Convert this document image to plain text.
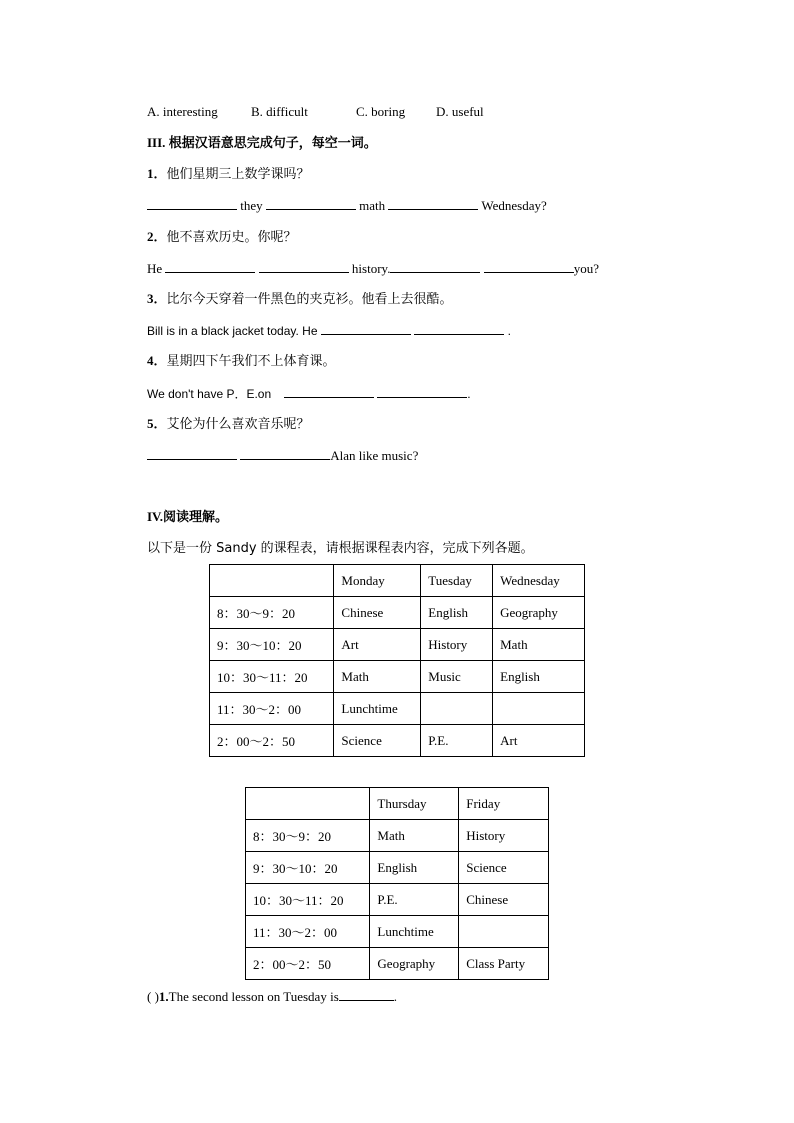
A. interesting	B. difficult	C. boring D. useful
III. 根据汉语意思完成句子，每空一词。
1．他们星期三上数学课吗？
they	math	Wednesday?
2．他不喜欢历史。你呢？
He	history.	you?
3．比尔今天穿着一件黑色的夹克衫。他看上去很酷。
Bill is in a black jacket today. He	.
4．星期四下午我们不上体育课。
We don't have P．E.on	.
5．艾伦为什么喜欢音乐呢？
Alan like music?
IV.阅读理解。
以下是一份 Sandy 的课程表，请根据课程表内容，完成下列各题。
	Monday	Tuesday	Wednesday
8：30～9：20	Chinese	English	Geography
9：30～10：20	Art	History	Math
10：30～11：20	Math	Music	English
11：30～2：00	Lunchtime		
2：00～2：50	Science	P.E.	Art
	Thursday	Friday
8：30～9：20	Math	History
9：30～10：20	English	Science
10：30～11：20	P.E.	Chinese
11：30～2：00	Lunchtime	
2：00～2：50	Geography	Class Party
( )1.The second lesson on Tuesday is	.
